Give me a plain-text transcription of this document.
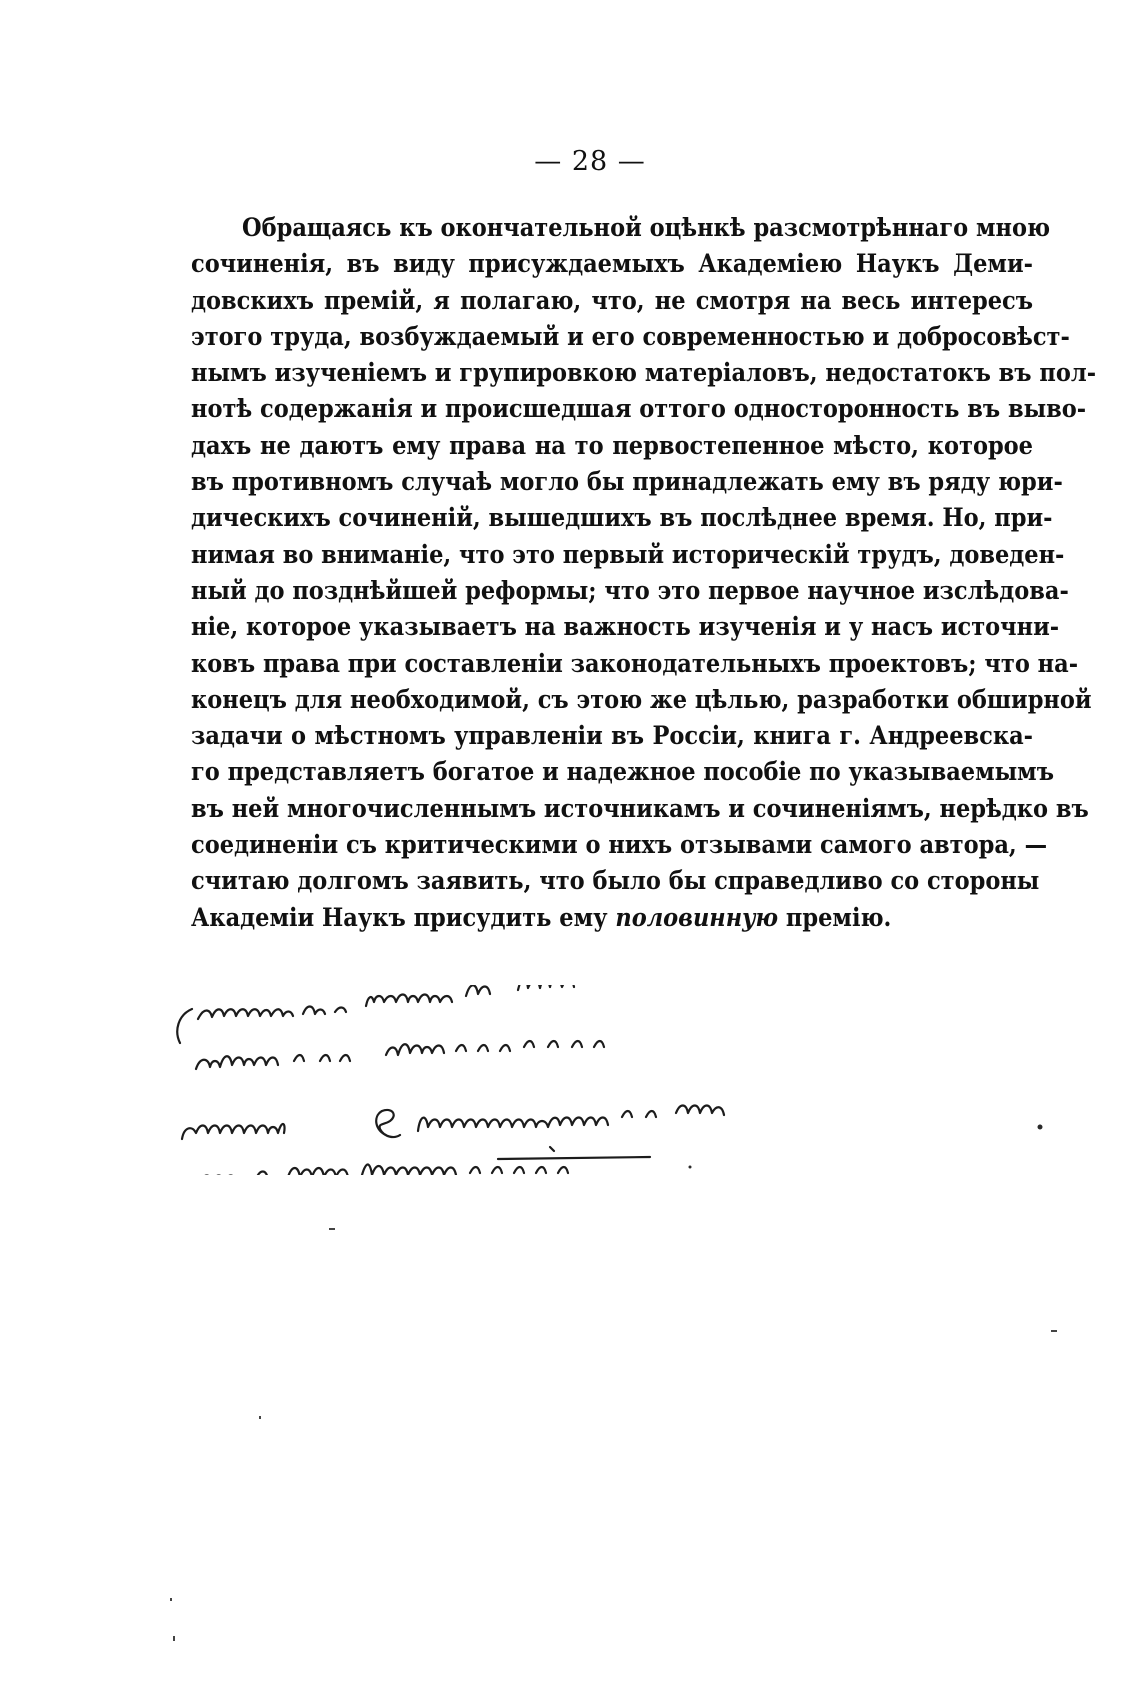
— 28 —
Обращаясь къ окончательной оцѣнкѣ разсмотрѣннаго мною
сочиненія, въ виду присуждаемыхъ Академіею Наукъ Деми-
довскихъ премій, я полагаю, что, не смотря на весь интересъ
этого труда, возбуждаемый и его современностью и добросовѣст-
нымъ изученіемъ и групировкою матеріаловъ, недостатокъ въ пол-
нотѣ содержанія и происшедшая оттого односторонность въ выво-
дахъ не даютъ ему права на то первостепенное мѣсто, которое
въ противномъ случаѣ могло бы принадлежать ему въ ряду юри-
дическихъ сочиненій, вышедшихъ въ послѣднее время. Но, при-
нимая во вниманіе, что это первый историческій трудъ, доведен-
ный до позднѣйшей реформы; что это первое научное изслѣдова-
ніе, которое указываетъ на важность изученія и у насъ источни-
ковъ права при составленіи законодательныхъ проектовъ; что на-
конецъ для необходимой, съ этою же цѣлью, разработки обширной
задачи о мѣстномъ управленіи въ Россіи, книга г. Андреевска-
го представляетъ богатое и надежное пособіе по указываемымъ
въ ней многочисленнымъ источникамъ и сочиненіямъ, нерѣдко въ
соединеніи съ критическими о нихъ отзывами самого автора, —
считаю долгомъ заявить, что было бы справедливо со стороны
Академіи Наукъ присудить ему половинную премію.
